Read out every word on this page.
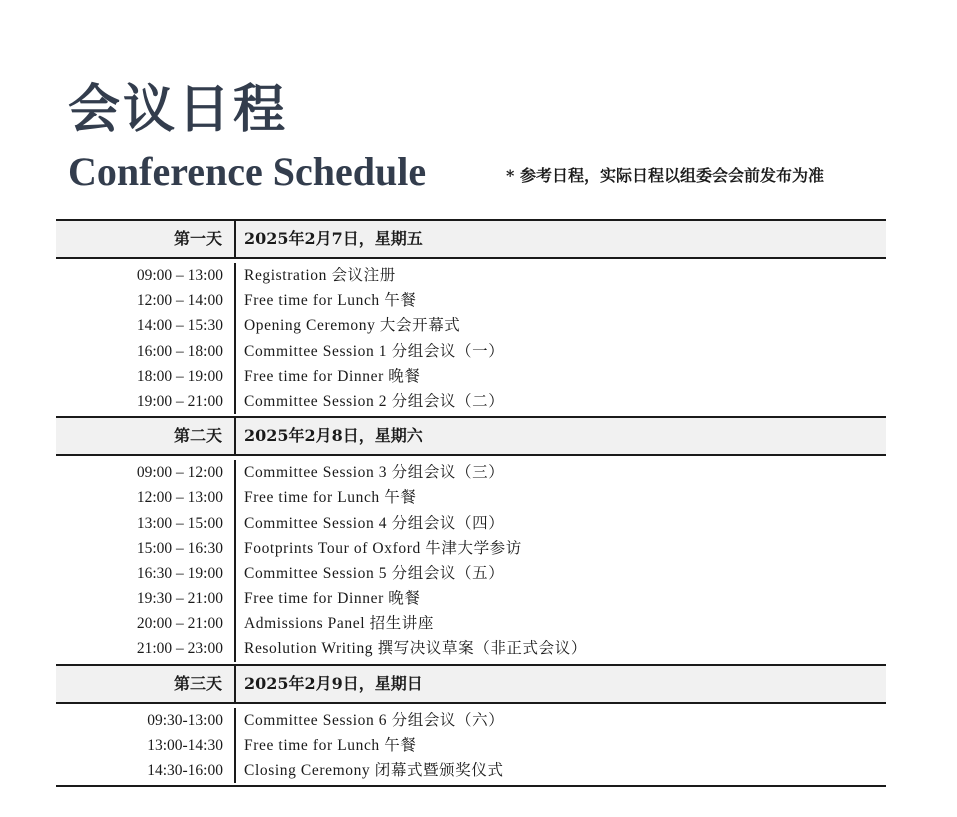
会议日程
Conference Schedule	* 参考日程，实际日程以组委会会前发布为准
第一天	2025年2月7日，星期五
09:00 – 13:00	Registration 会议注册
12:00 – 14:00	Free time for Lunch 午餐
14:00 – 15:30	Opening Ceremony 大会开幕式
16:00 – 18:00	Committee Session 1 分组会议（一）
18:00 – 19:00	Free time for Dinner 晚餐
19:00 – 21:00	Committee Session 2 分组会议（二）
第二天	2025年2月8日，星期六
09:00 – 12:00	Committee Session 3 分组会议（三）
12:00 – 13:00	Free time for Lunch 午餐
13:00 – 15:00	Committee Session 4 分组会议（四）
15:00 – 16:30	Footprints Tour of Oxford 牛津大学参访
16:30 – 19:00	Committee Session 5 分组会议（五）
19:30 – 21:00	Free time for Dinner 晚餐
20:00 – 21:00	Admissions Panel 招生讲座
21:00 – 23:00	Resolution Writing 撰写决议草案（非正式会议）
第三天	2025年2月9日，星期日
09:30-13:00	Committee Session 6 分组会议（六）
13:00-14:30	Free time for Lunch 午餐
14:30-16:00	Closing Ceremony 闭幕式暨颁奖仪式
